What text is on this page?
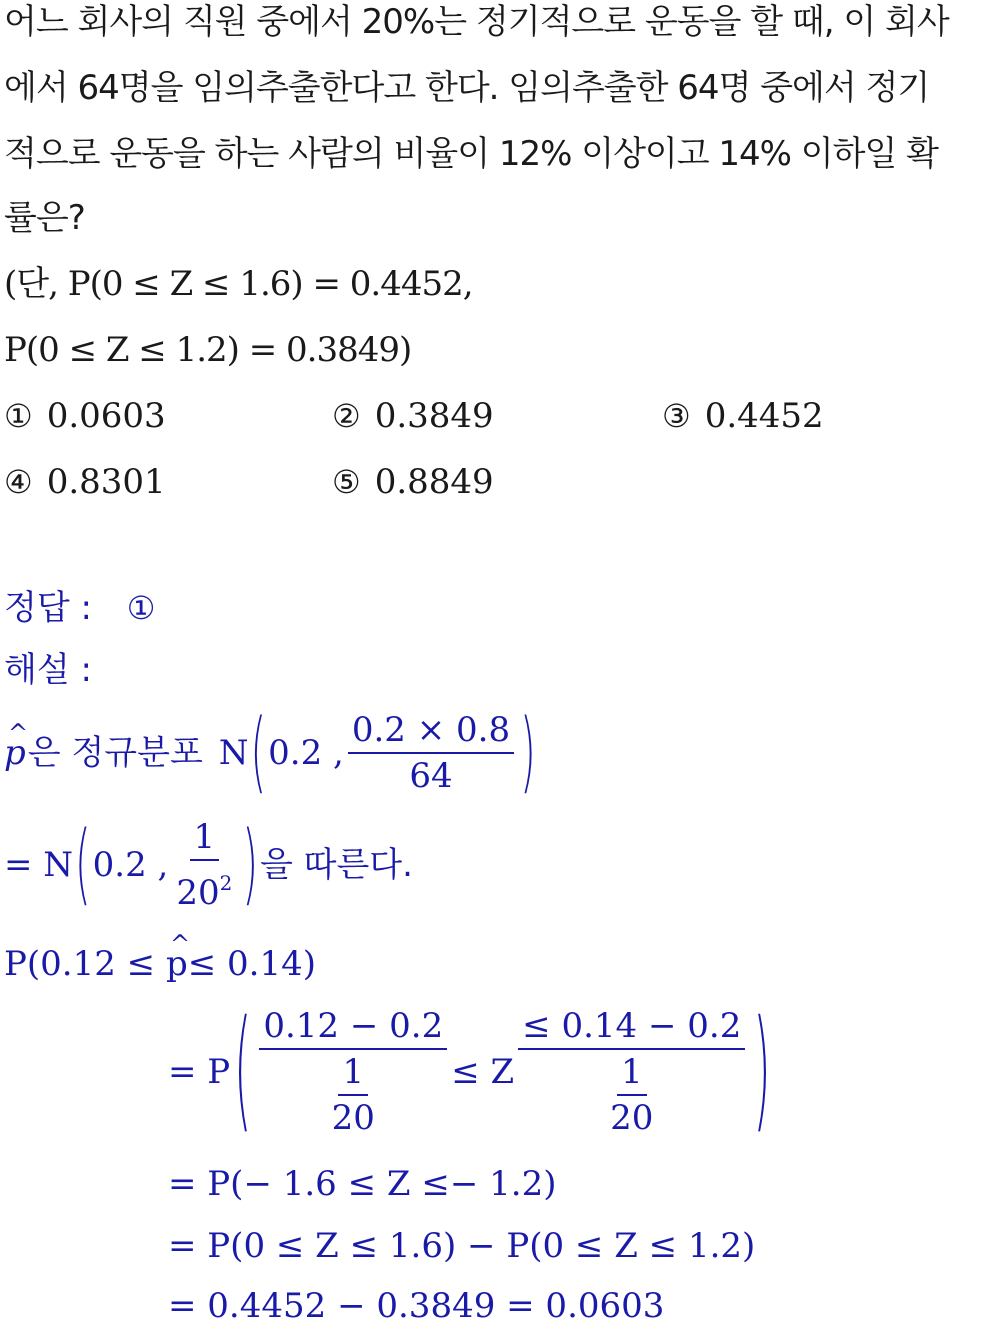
어느 회사의 직원 중에서 20%는 정기적으로 운동을 할 때, 이 회사
에서 64명을 임의추출한다고 한다. 임의추출한 64명 중에서 정기
적으로 운동을 하는 사람의 비율이 12% 이상이고 14% 이하일 확
률은?
(단, P(0 ≤ Z ≤ 1.6) = 0.4452,
P(0 ≤ Z ≤ 1.2) = 0.3849)
① 0.0603	② 0.3849	③ 0.4452
④ 0.8301	⑤ 0.8849
정답 : ①
해설 :
^ p 은 정규분포 N ( 0.2 , $\frac{0.2 \times 0.8}{64}$ )
= N ( 0.2 , $\frac{1}{20^2}$ ) 을 따른다.
P(0.12 ≤ ^ p≤ 0.14)
= P ( $\frac{0.12 - 0.2}{\frac{1}{20}} \le Z \frac{\le 0.14 - 0.2}{\frac{1}{20}}$ )
= P(− 1.6 ≤ Z ≤− 1.2)
= P(0 ≤ Z ≤ 1.6) − P(0 ≤ Z ≤ 1.2)
= 0.4452 − 0.3849 = 0.0603
